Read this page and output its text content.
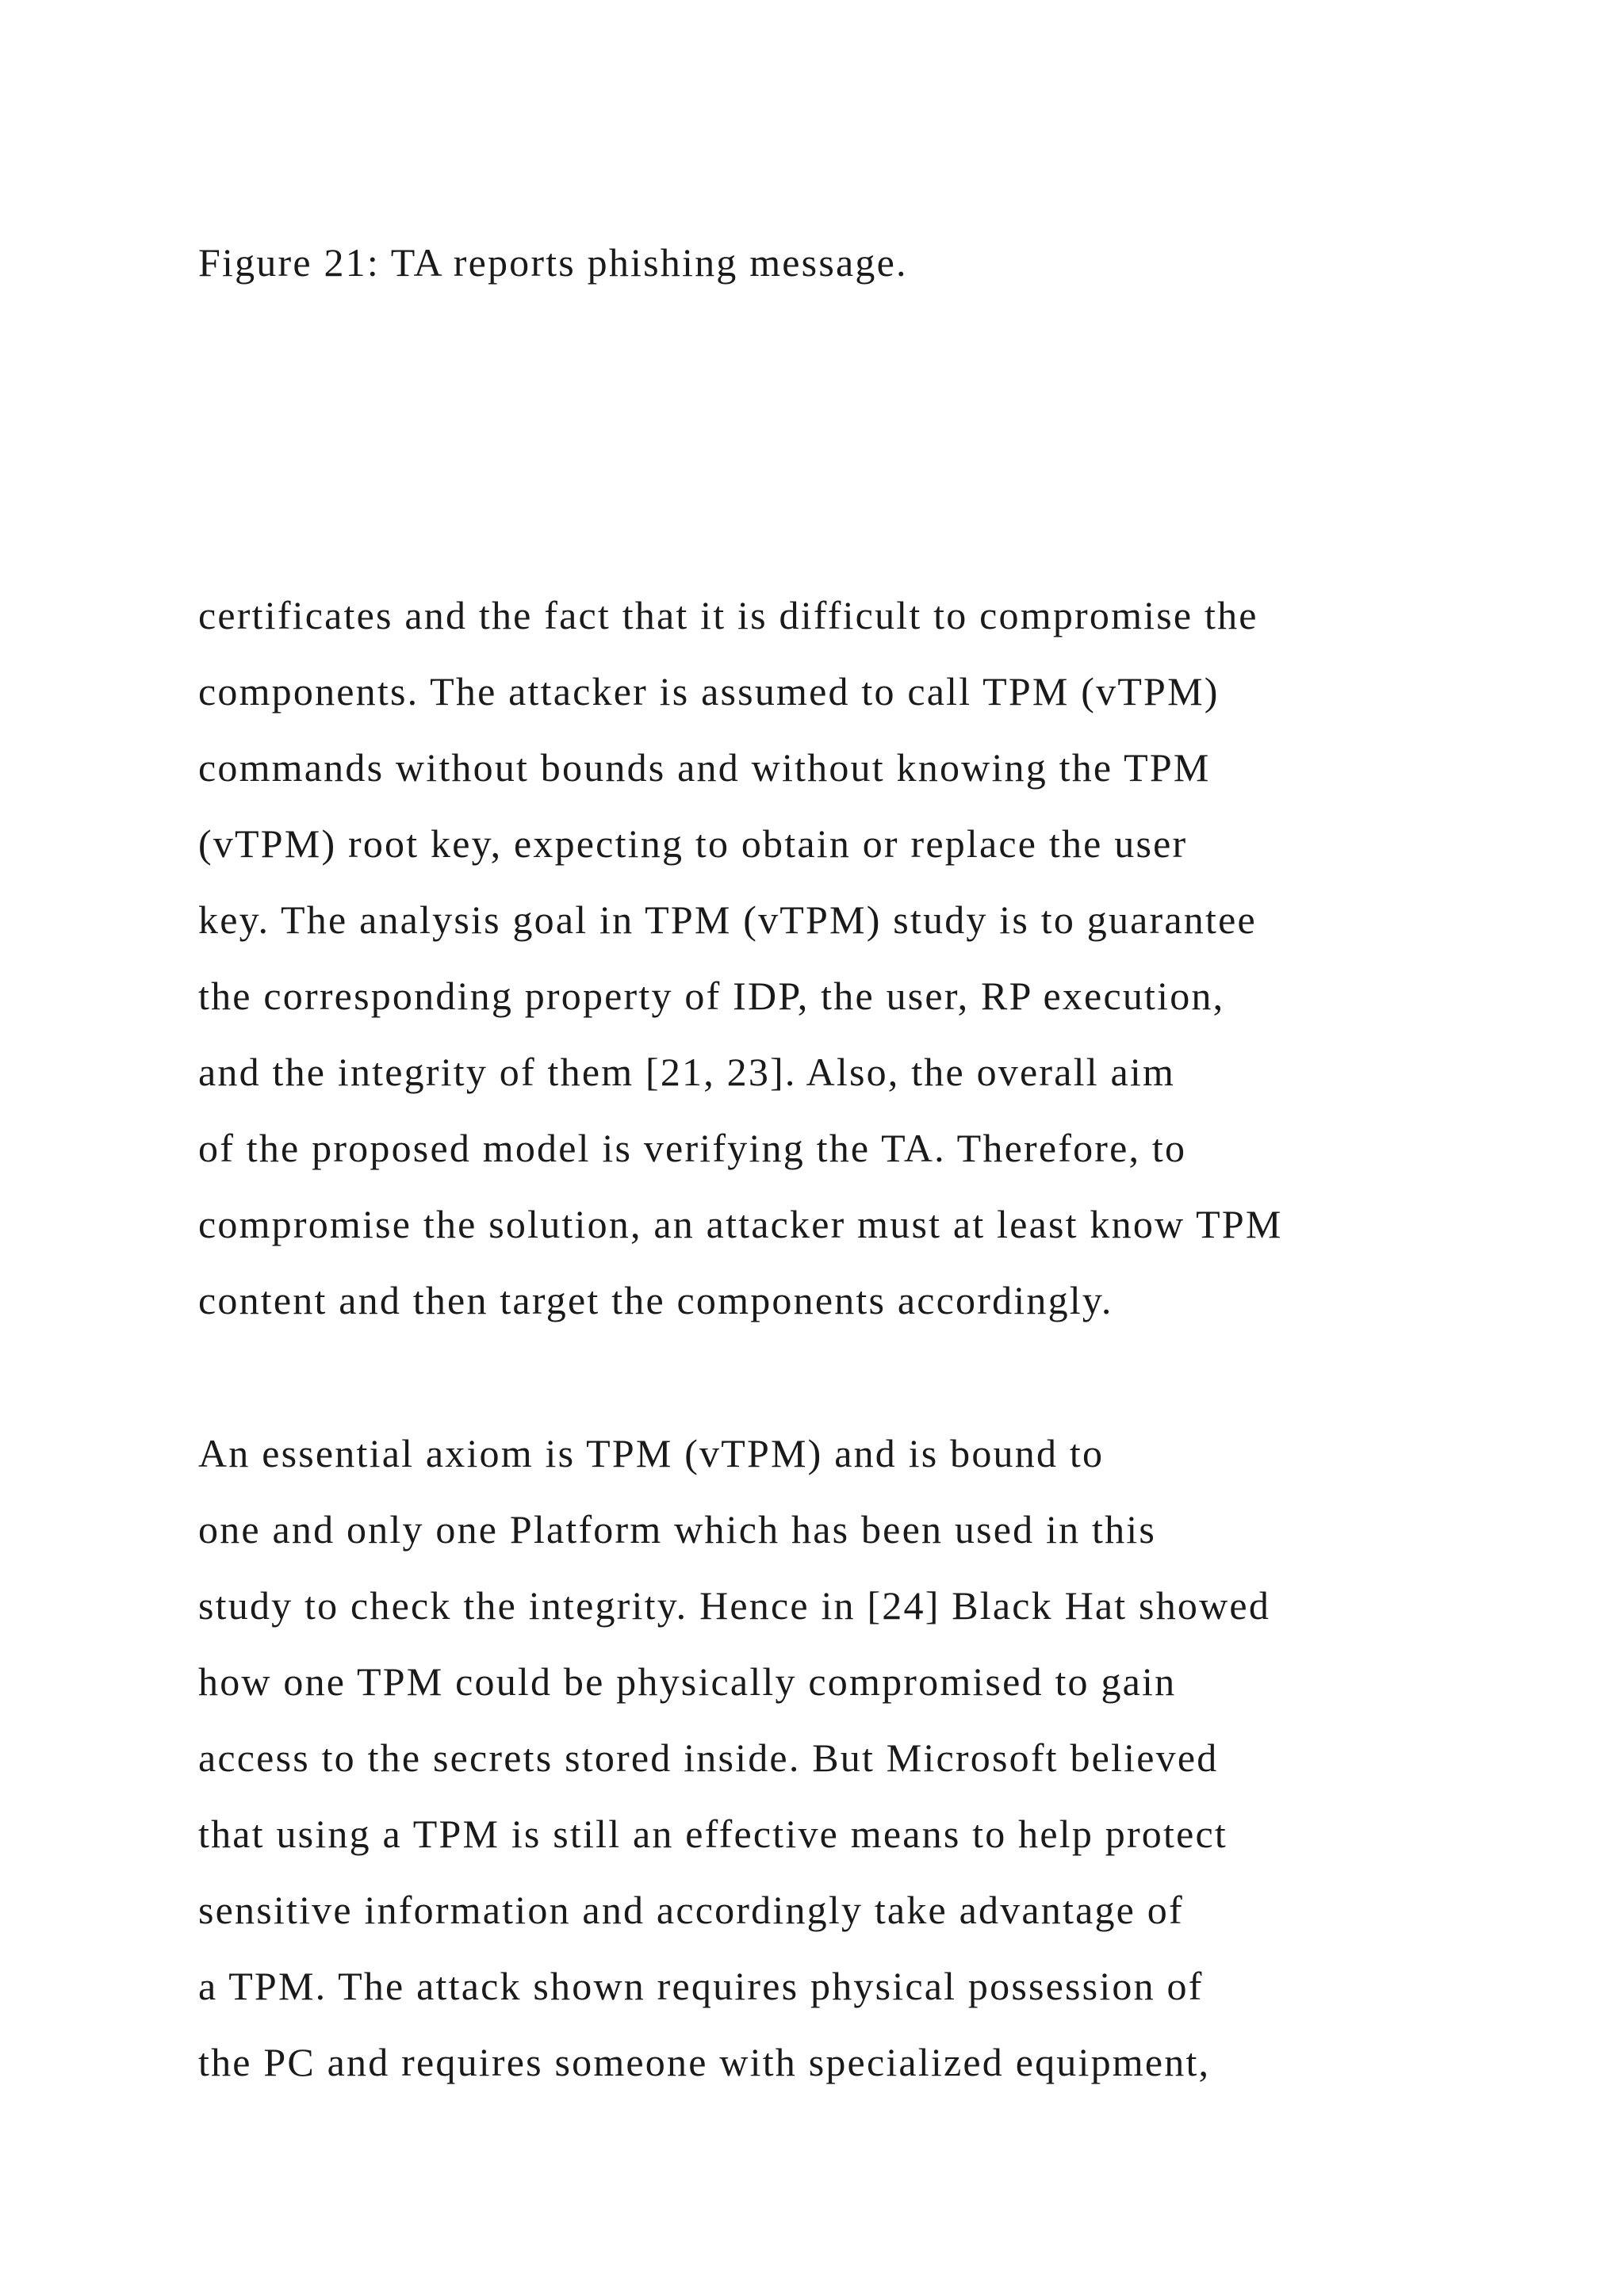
Figure 21: TA reports phishing message.
certificates and the fact that it is difficult to compromise the
components. The attacker is assumed to call TPM (vTPM)
commands without bounds and without knowing the TPM
(vTPM) root key, expecting to obtain or replace the user
key. The analysis goal in TPM (vTPM) study is to guarantee
the corresponding property of IDP, the user, RP execution,
and the integrity of them [21, 23]. Also, the overall aim
of the proposed model is verifying the TA. Therefore, to
compromise the solution, an attacker must at least know TPM
content and then target the components accordingly.
An essential axiom is TPM (vTPM) and is bound to
one and only one Platform which has been used in this
study to check the integrity. Hence in [24] Black Hat showed
how one TPM could be physically compromised to gain
access to the secrets stored inside. But Microsoft believed
that using a TPM is still an effective means to help protect
sensitive information and accordingly take advantage of
a TPM. The attack shown requires physical possession of
the PC and requires someone with specialized equipment,
